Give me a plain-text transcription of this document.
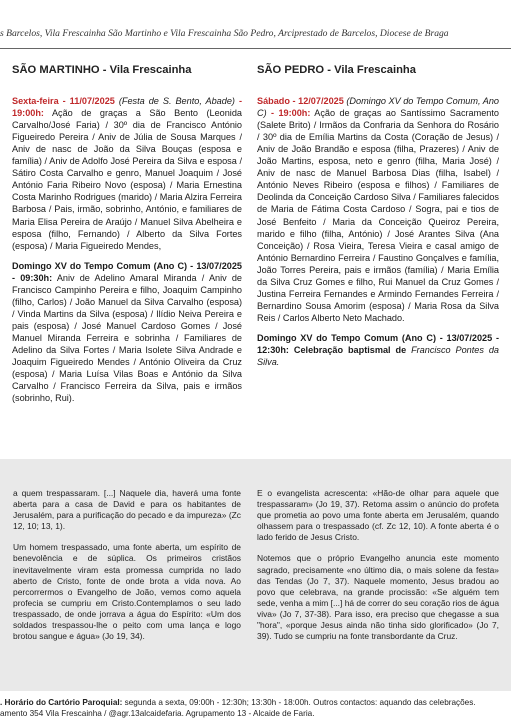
s Barcelos, Vila Frescainha São Martinho e Vila Frescainha São Pedro, Arciprestado de Barcelos, Diocese de Braga
SÃO MARTINHO - Vila Frescainha

Sexta-feira - 11/07/2025 (Festa de S. Bento, Abade) - 19:00h: Ação de graças a São Bento (Leonida Carvalho/José Faria) / 30º dia de Francisco António Figueiredo Pereira / Aniv de Júlia de Sousa Marques / Aniv de nasc de João da Silva Bouças (esposa e família) / Aniv de Adolfo José Pereira da Silva e esposa / Sátiro Costa Carvalho e genro, Manuel Joaquim / José António Faria Ribeiro Novo (esposa) / Maria Ernestina Costa Marinho Rodrigues (marido) / Maria Alzira Ferreira Barbosa / Pais, irmão, sobrinho, António, e familiares de Maria Elisa Pereira de Araújo / Manuel Silva Abelheira e esposa (filho, Fernando) / Alberto da Silva Fortes (esposa) / Maria Figueiredo Mendes,

Domingo XV do Tempo Comum (Ano C) - 13/07/2025 - 09:30h: Aniv de Adelino Amaral Miranda / Aniv de Francisco Campinho Pereira e filho, Joaquim Campinho (filho, Carlos) / João Manuel da Silva Carvalho (esposa) / Vinda Martins da Silva (esposa) / Ilídio Neiva Pereira e pais (esposa) / José Manuel Cardoso Gomes / José Manuel Miranda Ferreira e sobrinha / Familiares de Adelino da Silva Fortes / Maria Isolete Silva Andrade e Joaquim Figueiredo Mendes / António Oliveira da Cruz (esposa) / Maria Luísa Vilas Boas e António da Silva Carvalho / Francisco Ferreira da Silva, pais e irmãos (sobrinho, Rui).

SÃO PEDRO - Vila Frescainha

Sábado - 12/07/2025 (Domingo XV do Tempo Comum, Ano C) - 19:00h: Ação de graças ao Santíssimo Sacramento (Salete Brito) / Irmãos da Confraria da Senhora do Rosário / 30º dia de Emília Martins da Costa (Coração de Jesus) / Aniv de João Brandão e esposa (filha, Prazeres) / Aniv de João Martins, esposa, neto e genro (filha, Maria José) / Aniv de nasc de Manuel Barbosa Dias (filha, Isabel) / António Neves Ribeiro (esposa e filhos) / Familiares de Deolinda da Conceição Cardoso Silva / Familiares falecidos de Maria de Fátima Costa Cardoso / Sogra, pai e tios de José Benfeito / Maria da Conceição Queiroz Pereira, marido e filho (filha, António) / José Arantes Silva (Ana Conceição) / Rosa Vieira, Teresa Vieira e casal amigo de António Bernardino Ferreira / Faustino Gonçalves e família, João Torres Pereira, pais e irmãos (família) / Maria Emília da Silva Cruz Gomes e filho, Rui Manuel da Cruz Gomes / Justina Ferreira Fernandes e Armindo Fernandes Ferreira / Bernardino Sousa Amorim (esposa) / Maria Rosa da Silva Reis / Carlos Alberto Neto Machado.

Domingo XV do Tempo Comum (Ano C) - 13/07/2025 - 12:30h: Celebração baptismal de Francisco Pontes da Silva.

a quem trespassaram. [...] Naquele dia, haverá uma fonte aberta para a casa de David e para os habitantes de Jerusalém, para a purificação do pecado e da impureza» (Zc 12, 10; 13, 1).

Um homem trespassado, uma fonte aberta, um espírito de benevolência e de súplica. Os primeiros cristãos inevitavelmente viram esta promessa cumprida no lado aberto de Cristo, fonte de onde brota a vida nova. Ao percorrermos o Evangelho de João, vemos como aquela profecia se cumpriu em Cristo.Contemplamos o seu lado trespassado, de onde jorrava a água do Espírito: «Um dos soldados trespassou-lhe o peito com uma lança e logo brotou sangue e água» (Jo 19, 34).

E o evangelista acrescenta: «Hão-de olhar para aquele que trespassaram» (Jo 19, 37). Retoma assim o anúncio do profeta que prometia ao povo uma fonte aberta em Jerusalém, quando olhassem para o trespassado (cf. Zc 12, 10). A fonte aberta é o lado ferido de Jesus Cristo.

Notemos que o próprio Evangelho anuncia este momento sagrado, precisamente «no último dia, o mais solene da festa» das Tendas (Jo 7, 37). Naquele momento, Jesus bradou ao povo que celebrava, na grande procissão: «Se alguém tem sede, venha a mim [...] há de correr do seu coração rios de água viva» (Jo 7, 37-38). Para isso, era preciso que chegasse a sua "hora", «porque Jesus ainda não tinha sido glorificado» (Jo 7, 39). Tudo se cumpriu na fonte transbordante da Cruz.

. Horário do Cartório Paroquial: segunda a sexta, 09:00h - 12:30h; 13:30h - 18:00h. Outros contactos: aquando das celebrações.
amento 354 Vila Frescainha / @agr.13alcaidefaria. Agrupamento 13 - Alcaide de Faria.
